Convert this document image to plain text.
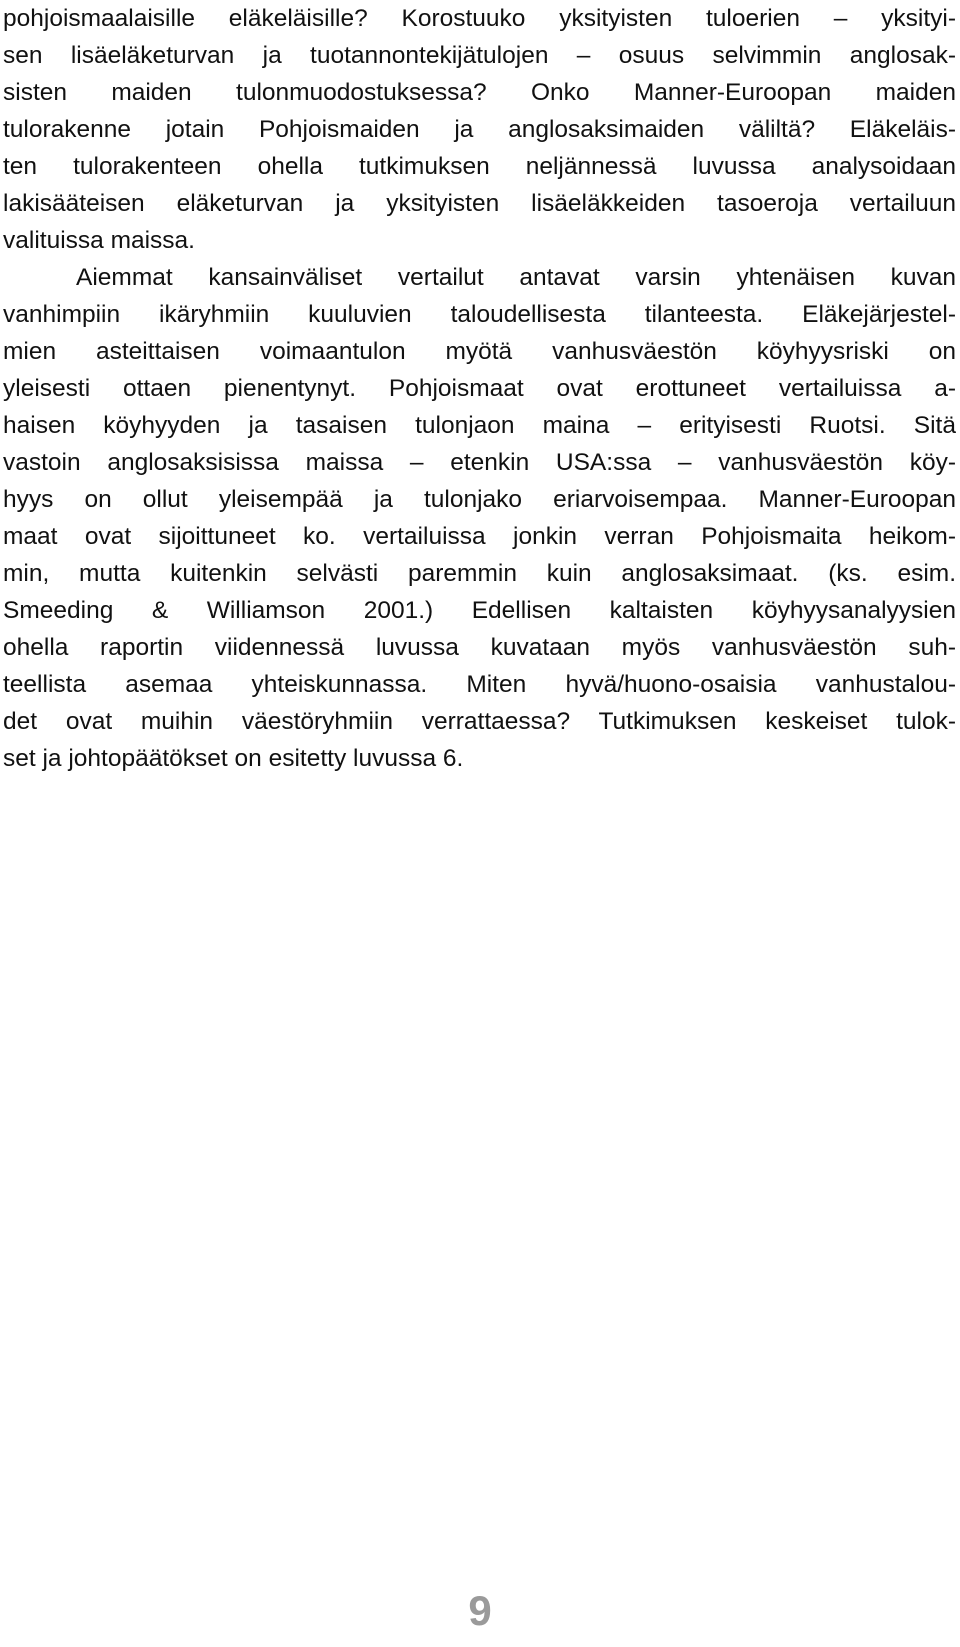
pohjoismaalaisille eläkeläisille? Korostuuko yksityisten tuloerien – yksityi-
sen lisäeläketurvan ja tuotannontekijätulojen – osuus selvimmin anglosak-
sisten maiden tulonmuodostuksessa? Onko Manner-Euroopan maiden
tulorakenne jotain Pohjoismaiden ja anglosaksimaiden väliltä? Eläkeläis-
ten tulorakenteen ohella tutkimuksen neljännessä luvussa analysoidaan
lakisääteisen eläketurvan ja yksityisten lisäeläkkeiden tasoeroja vertailuun
valituissa maissa.
Aiemmat kansainväliset vertailut antavat varsin yhtenäisen kuvan
vanhimpiin ikäryhmiin kuuluvien taloudellisesta tilanteesta. Eläkejärjestel-
mien asteittaisen voimaantulon myötä vanhusväestön köyhyysriski on
yleisesti ottaen pienentynyt. Pohjoismaat ovat erottuneet vertailuissa a-
haisen köyhyyden ja tasaisen tulonjaon maina – erityisesti Ruotsi. Sitä
vastoin anglosaksisissa maissa – etenkin USA:ssa – vanhusväestön köy-
hyys on ollut yleisempää ja tulonjako eriarvoisempaa. Manner-Euroopan
maat ovat sijoittuneet ko. vertailuissa jonkin verran Pohjoismaita heikom-
min, mutta kuitenkin selvästi paremmin kuin anglosaksimaat. (ks. esim.
Smeeding & Williamson 2001.) Edellisen kaltaisten köyhyysanalyysien
ohella raportin viidennessä luvussa kuvataan myös vanhusväestön suh-
teellista asemaa yhteiskunnassa. Miten hyvä/huono-osaisia vanhustalou-
det ovat muihin väestöryhmiin verrattaessa? Tutkimuksen keskeiset tulok-
set ja johtopäätökset on esitetty luvussa 6.
9
